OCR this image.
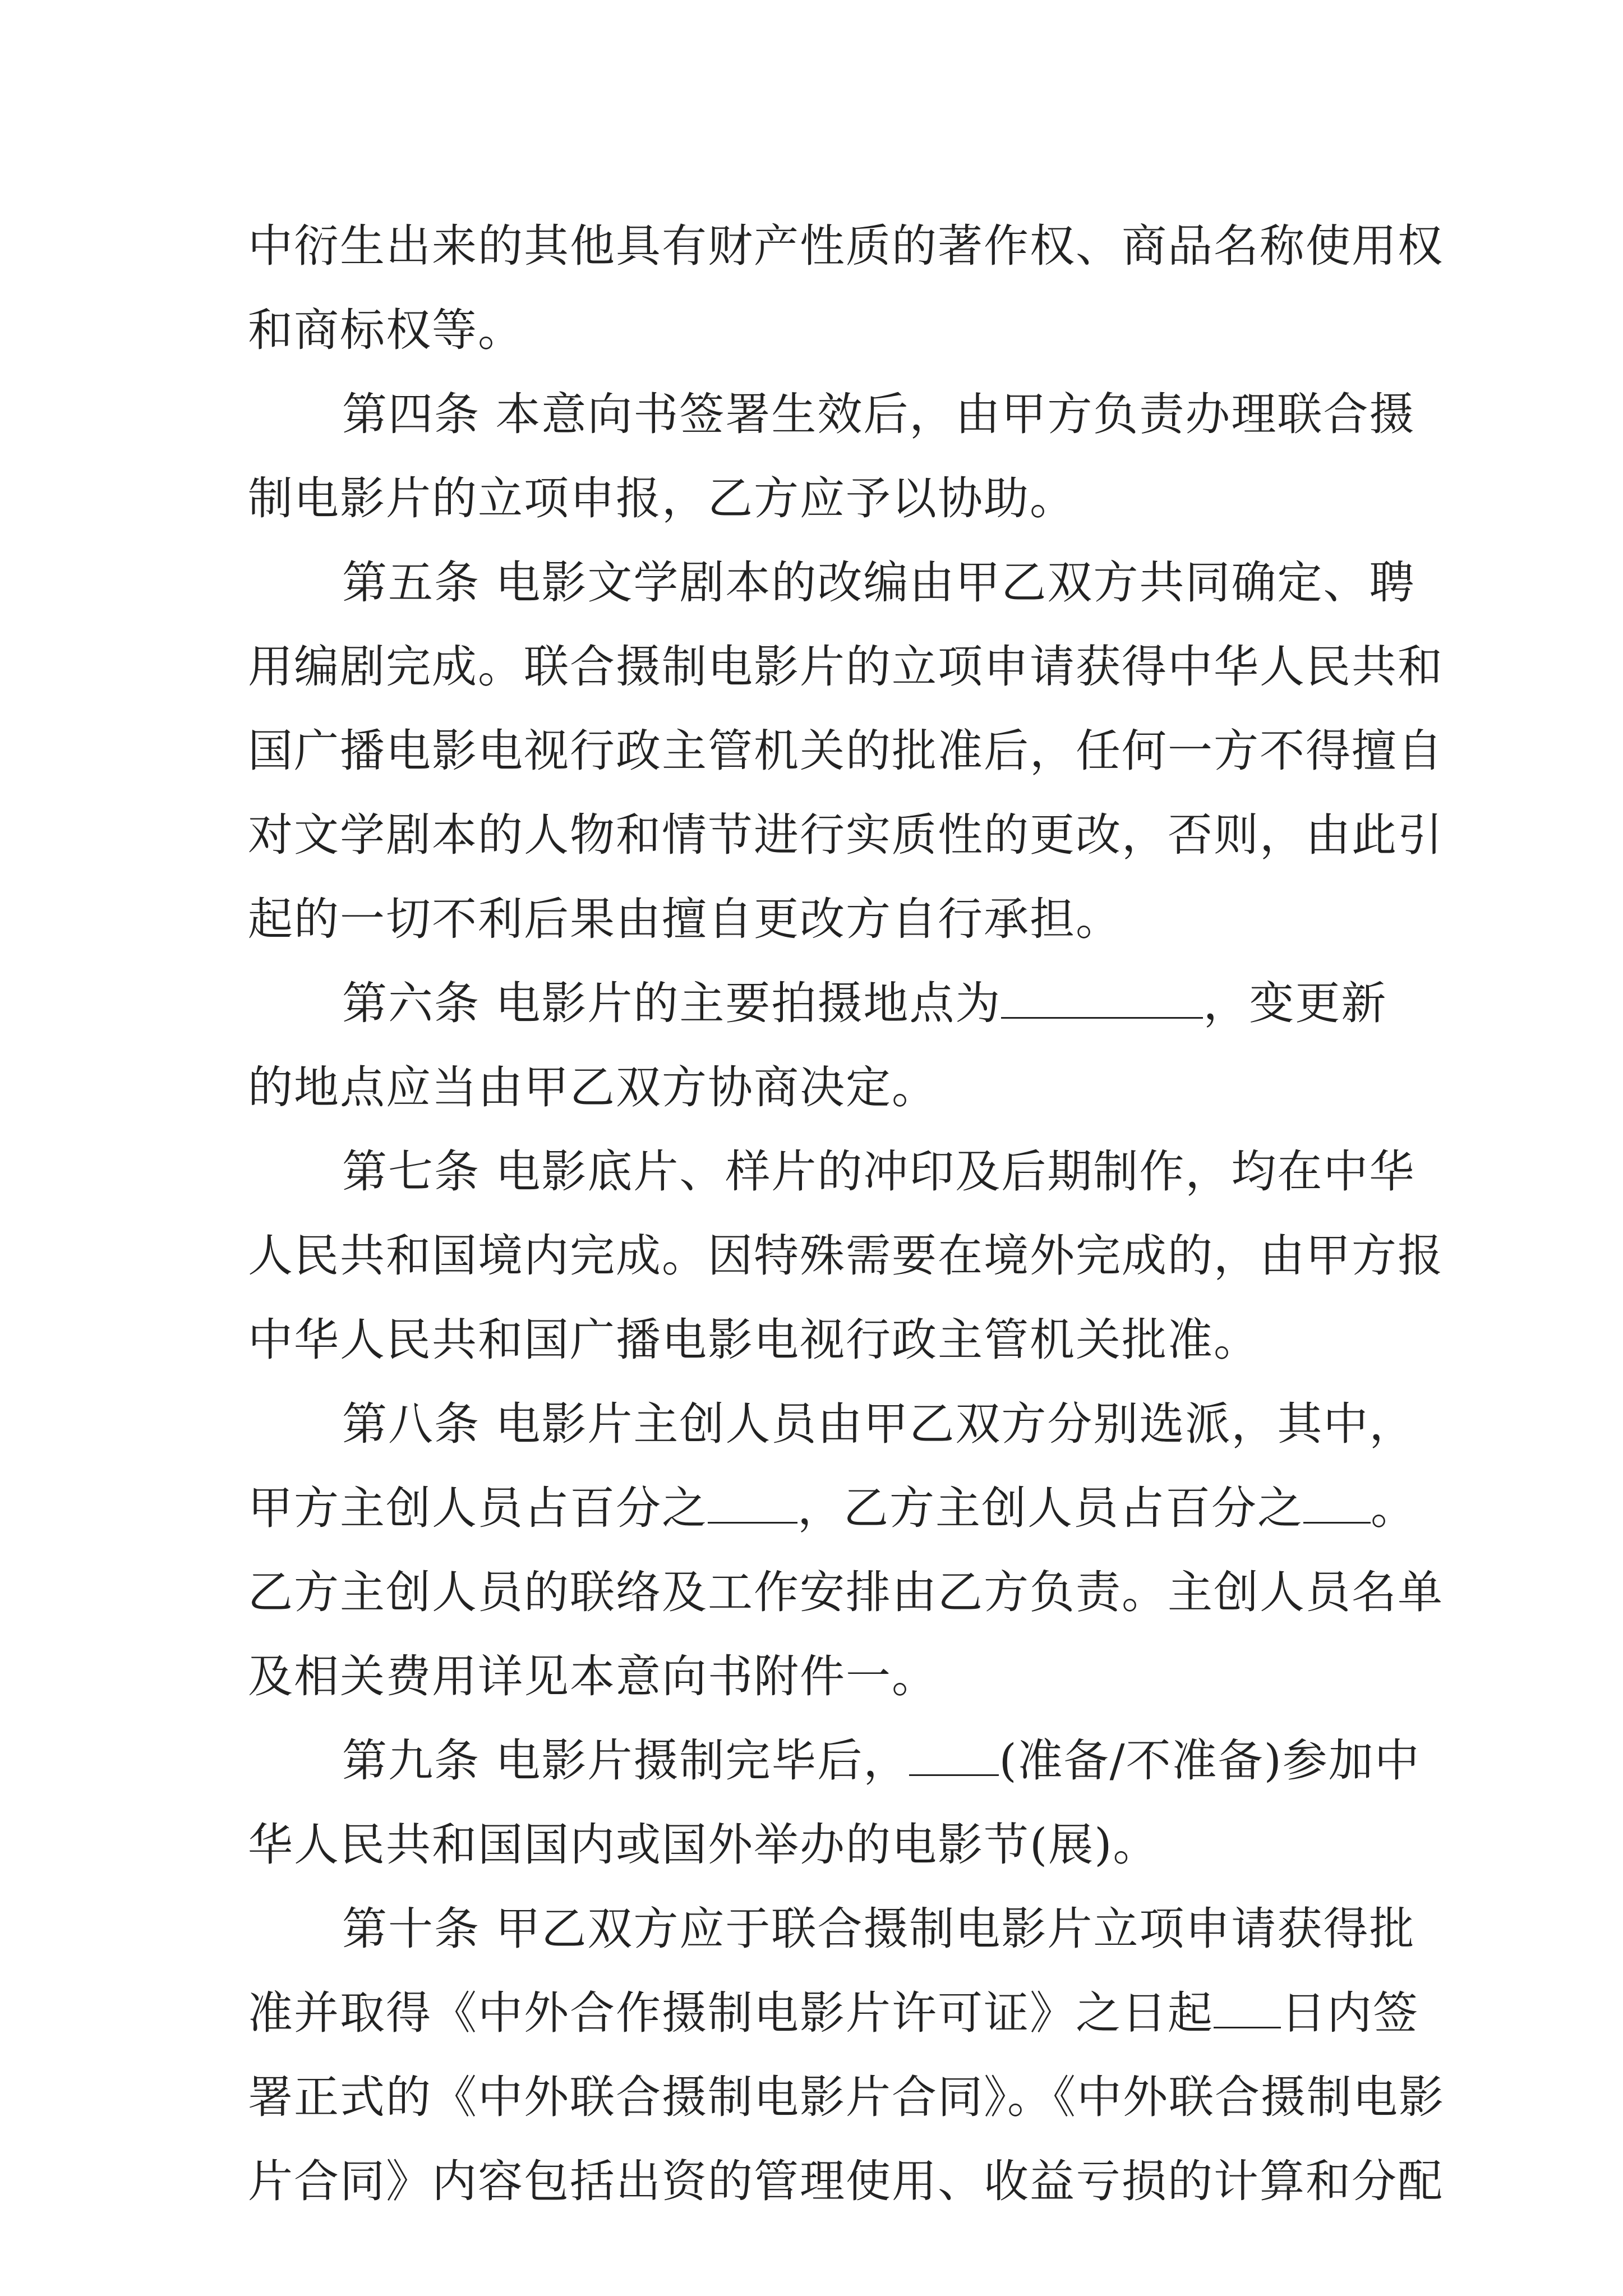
中衍生出来的其他具有财产性质的著作权、商品名称使用权
和商标权等。

第四条 本意向书签署生效后，由甲方负责办理联合摄
制电影片的立项申报，乙方应予以协助。

第五条 电影文学剧本的改编由甲乙双方共同确定、聘
用编剧完成。联合摄制电影片的立项申请获得中华人民共和
国广播电影电视行政主管机关的批准后，任何一方不得擅自
对文学剧本的人物和情节进行实质性的更改，否则，由此引
起的一切不利后果由擅自更改方自行承担。

第六条 电影片的主要拍摄地点为	，变更新
的地点应当由甲乙双方协商决定。

第七条 电影底片、样片的冲印及后期制作，均在中华
人民共和国境内完成。因特殊需要在境外完成的，由甲方报
中华人民共和国广播电影电视行政主管机关批准。

第八条 电影片主创人员由甲乙双方分别选派，其中，
甲方主创人员占百分之 ，乙方主创人员占百分之 。
乙方主创人员的联络及工作安排由乙方负责。主创人员名单
及相关费用详见本意向书附件一。

第九条 电影片摄制完毕后， (准备/不准备)参加中
华人民共和国国内或国外举办的电影节(展)。

第十条 甲乙双方应于联合摄制电影片立项申请获得批
准并取得《中外合作摄制电影片许可证》之日起 日内签
署正式的《中外联合摄制电影片合同》。《中外联合摄制电影
片合同》内容包括出资的管理使用、收益亏损的计算和分配
